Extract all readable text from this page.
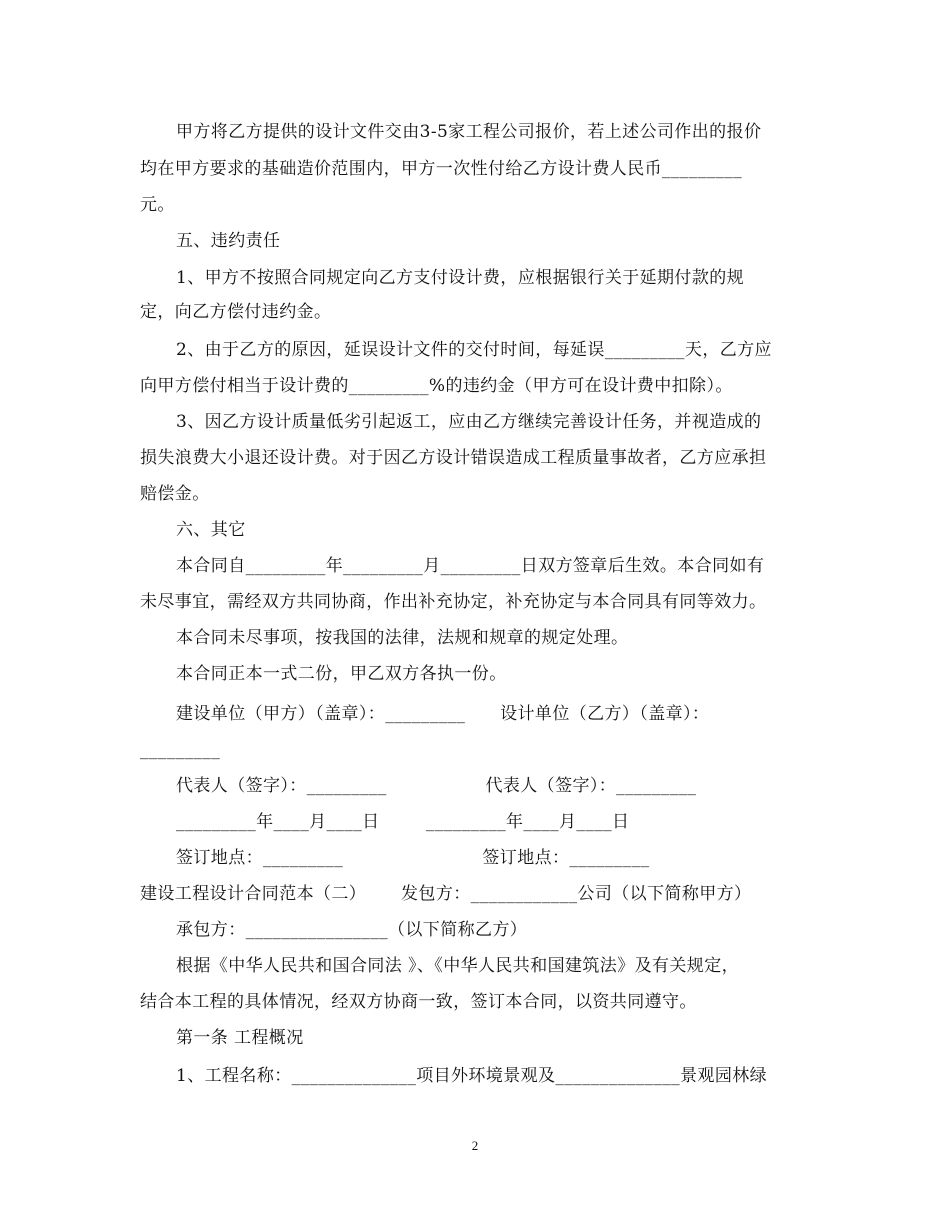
甲方将乙方提供的设计文件交由3-5家工程公司报价，若上述公司作出的报价
均在甲方要求的基础造价范围内，甲方一次性付给乙方设计费人民币_________
元。
五、违约责任
1、甲方不按照合同规定向乙方支付设计费，应根据银行关于延期付款的规
定，向乙方偿付违约金。
2、由于乙方的原因，延误设计文件的交付时间，每延误_________天，乙方应
向甲方偿付相当于设计费的_________%的违约金（甲方可在设计费中扣除）。
3、因乙方设计质量低劣引起返工，应由乙方继续完善设计任务，并视造成的
损失浪费大小退还设计费。对于因乙方设计错误造成工程质量事故者，乙方应承担
赔偿金。
六、其它
本合同自_________年_________月_________日双方签章后生效。本合同如有
未尽事宜，需经双方共同协商，作出补充协定，补充协定与本合同具有同等效力。
本合同未尽事项，按我国的法律，法规和规章的规定处理。
本合同正本一式二份，甲乙双方各执一份。
建设单位（甲方）（盖章）：_________      设计单位（乙方）（盖章）：
_________
代表人（签字）：_________                 代表人（签字）：_________
_________年____月____日        _________年____月____日
签订地点：_________                        签订地点：_________
建设工程设计合同范本（二）      发包方：____________公司（以下简称甲方）
承包方：________________（以下简称乙方）
根据《中华人民共和国合同法 》、《中华人民共和国建筑法》及有关规定，
结合本工程的具体情况，经双方协商一致，签订本合同，以资共同遵守。
第一条 工程概况
1、工程名称：______________项目外环境景观及______________景观园林绿
2
